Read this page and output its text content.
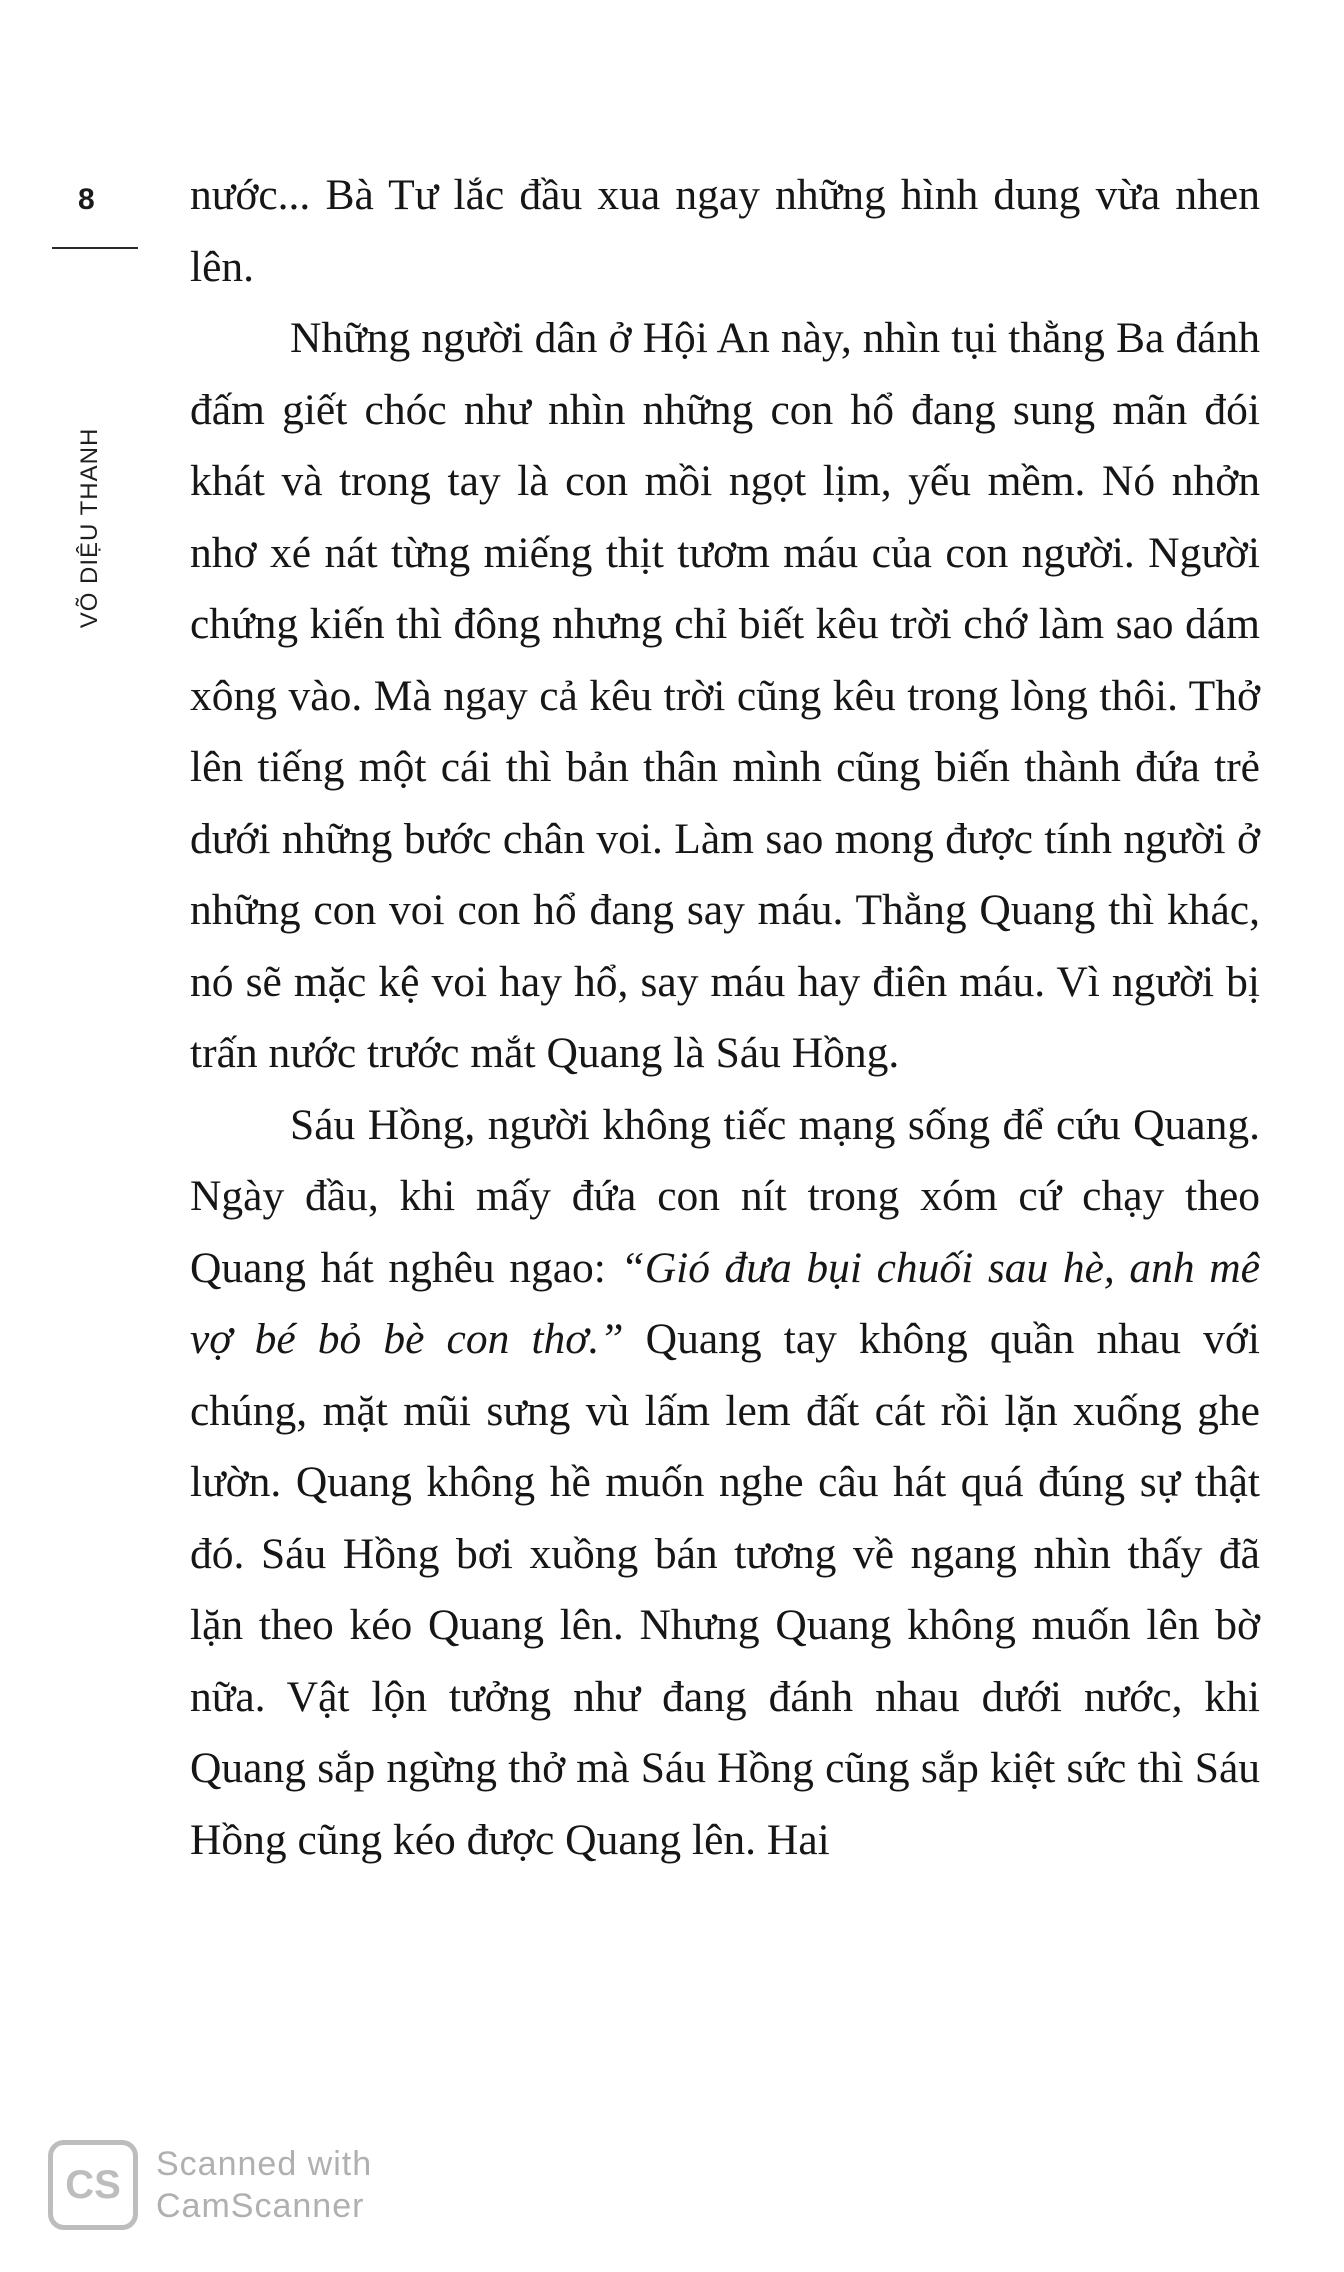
8
VÕ DIỆU THANH

nước... Bà Tư lắc đầu xua ngay những hình dung vừa nhen lên.

Những người dân ở Hội An này, nhìn tụi thằng Ba đánh đấm giết chóc như nhìn những con hổ đang sung mãn đói khát và trong tay là con mồi ngọt lịm, yếu mềm. Nó nhởn nhơ xé nát từng miếng thịt tươm máu của con người. Người chứng kiến thì đông nhưng chỉ biết kêu trời chớ làm sao dám xông vào. Mà ngay cả kêu trời cũng kêu trong lòng thôi. Thở lên tiếng một cái thì bản thân mình cũng biến thành đứa trẻ dưới những bước chân voi. Làm sao mong được tính người ở những con voi con hổ đang say máu. Thằng Quang thì khác, nó sẽ mặc kệ voi hay hổ, say máu hay điên máu. Vì người bị trấn nước trước mắt Quang là Sáu Hồng.

Sáu Hồng, người không tiếc mạng sống để cứu Quang. Ngày đầu, khi mấy đứa con nít trong xóm cứ chạy theo Quang hát nghêu ngao: “Gió đưa bụi chuối sau hè, anh mê vợ bé bỏ bè con thơ.” Quang tay không quần nhau với chúng, mặt mũi sưng vù lấm lem đất cát rồi lặn xuống ghe lườn. Quang không hề muốn nghe câu hát quá đúng sự thật đó. Sáu Hồng bơi xuồng bán tương về ngang nhìn thấy đã lặn theo kéo Quang lên. Nhưng Quang không muốn lên bờ nữa. Vật lộn tưởng như đang đánh nhau dưới nước, khi Quang sắp ngừng thở mà Sáu Hồng cũng sắp kiệt sức thì Sáu Hồng cũng kéo được Quang lên. Hai

CS	Scanned with
CamScanner
